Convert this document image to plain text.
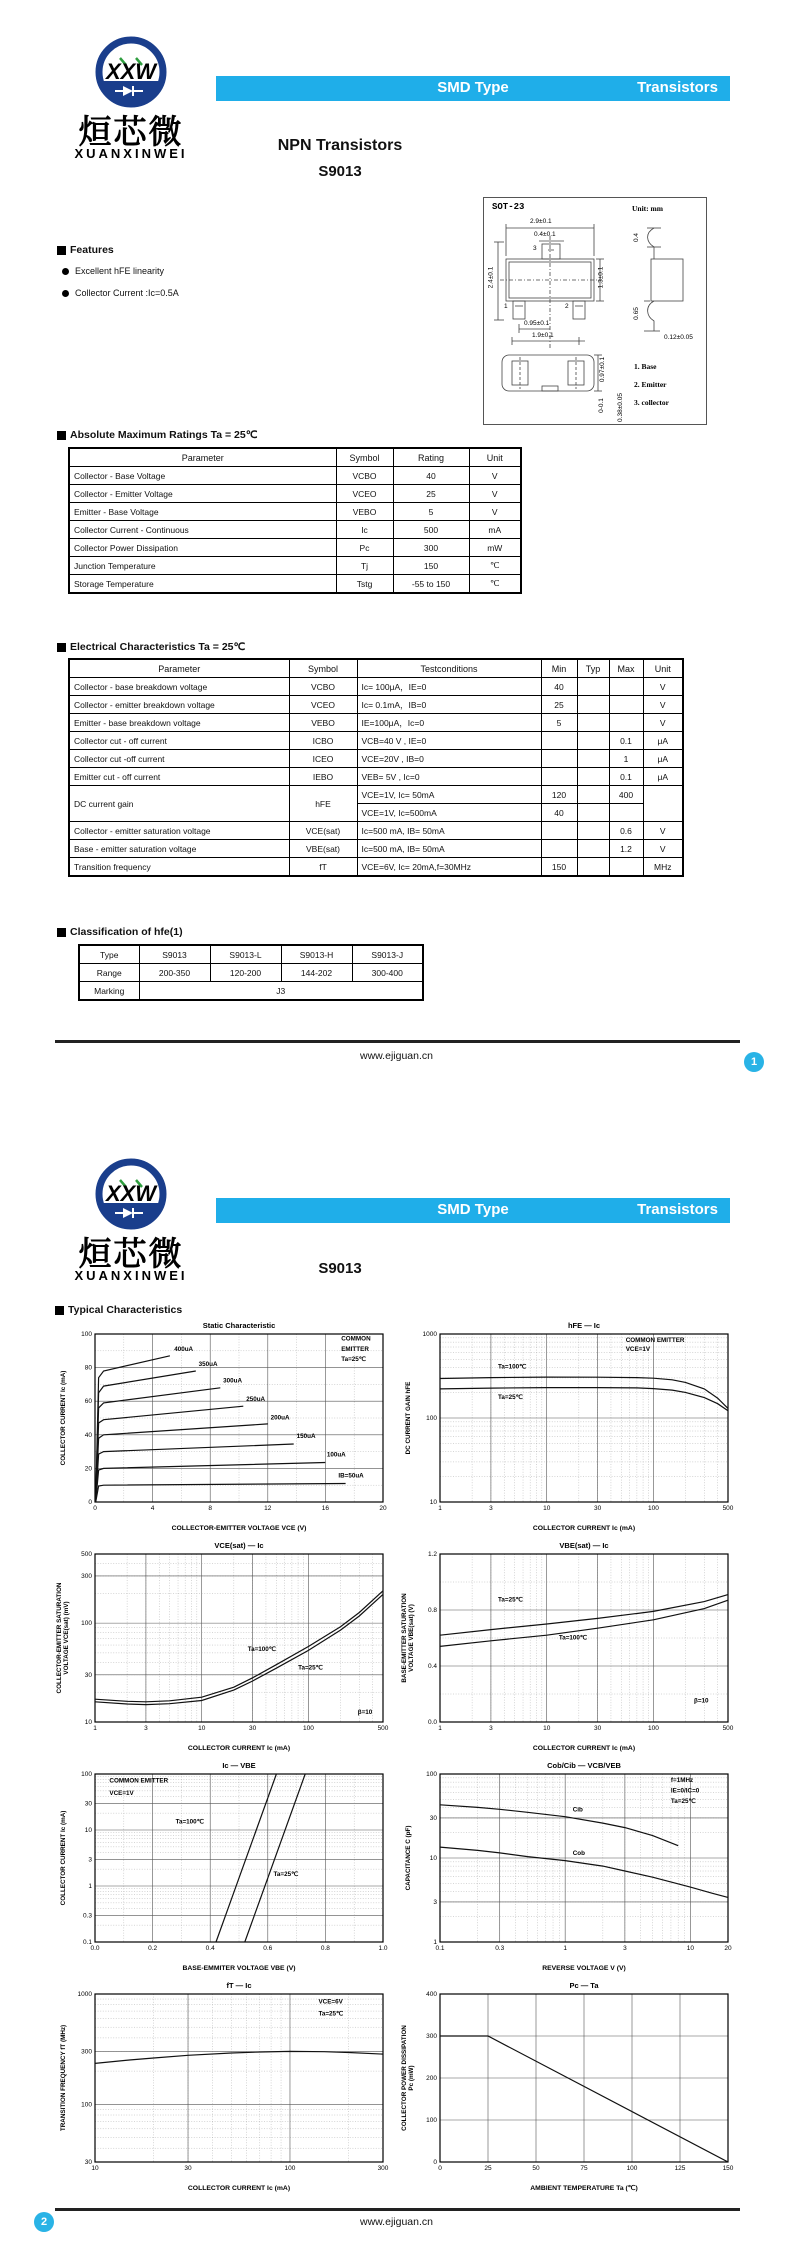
XXW
烜芯微
XUANXINWEI
SMD Type	Transistors
NPN Transistors
S9013
Features
Excellent hFE linearity
Collector Current :Ic=0.5A
SOT-23	Unit: mm
2.9±0.1
0.4±0.1
2.4±0.1	1.3±0.1
0.95±0.1
1.9±0.1
0.4
0.65
0.12±0.05
0.97±0.1
0-0.1 0.38±0.05
1	2
3
1. Base
2. Emitter
3. collector
Absolute Maximum Ratings Ta = 25℃
Parameter	Symbol	Rating	Unit
Collector - Base Voltage	VCBO	40	V
Collector - Emitter Voltage	VCEO	25	V
Emitter - Base Voltage	VEBO	5	V
Collector Current - Continuous	Ic	500	mA
Collector Power Dissipation	Pc	300	mW
Junction Temperature	Tj	150	℃
Storage Temperature	Tstg	-55 to 150	℃
Electrical Characteristics Ta = 25℃
Parameter	Symbol	Testconditions	Min	Typ	Max	Unit
Collector - base breakdown voltage	VCBO	Ic= 100μA，IE=0	40			V
Collector - emitter breakdown voltage	VCEO	Ic= 0.1mA，IB=0	25			V
Emitter - base breakdown voltage	VEBO	IE=100μA，Ic=0	5			V
Collector cut - off current	ICBO	VCB=40 V , IE=0			0.1	μA
Collector cut -off current	ICEO	VCE=20V , IB=0			1	μA
Emitter cut - off current	IEBO	VEB= 5V , Ic=0			0.1	μA
DC current gain	hFE	VCE=1V, Ic= 50mA	120		400	
		VCE=1V, Ic=500mA	40			
Collector - emitter saturation voltage	VCE(sat)	Ic=500 mA, IB= 50mA			0.6	V
Base - emitter saturation voltage	VBE(sat)	Ic=500 mA, IB= 50mA			1.2	V
Transition frequency	fT	VCE=6V, Ic= 20mA,f=30MHz	150			MHz
Classification of hfe(1)
Type	S9013	S9013-L	S9013-H	S9013-J
Range	200-350	120-200	144-202	300-400
Marking	J3			
www.ejiguan.cn	1
XXW
烜芯微
XUANXINWEI
SMD Type	Transistors
S9013
Typical Characteristics
0	4	8	12	16	20
0
20
40
60
80
100
400uA
350uA
300uA
250uA
200uA
150uA
100uA
IB=50uA
COMMON
EMITTER
Ta=25℃
Static Characteristic
COLLECTOR-EMITTER VOLTAGE VCE (V)
COLLECTOR CURRENT Ic (mA)
1	3	10	30	100	500
10
100
1000
Ta=100℃
Ta=25℃
COMMON EMITTER
VCE=1V
hFE — Ic
COLLECTOR CURRENT Ic (mA)
DC CURRENT GAIN hFE
1	3	10	30	100	500
10
30
100
300
500
Ta=100℃
Ta=25℃
β=10
VCE(sat) — Ic
COLLECTOR CURRENT Ic (mA)
COLLECTOR-EMITTER SATURATION VOLTAGE VCE(sat) (mV)
1	3	10	30	100	500
0.0
0.4
0.8
1.2
Ta=25℃
Ta=100℃
β=10
VBE(sat) — Ic
COLLECTOR CURRENT Ic (mA)
BASE-EMITTER SATURATION VOLTAGE VBE(sat) (V)
0.0	0.2	0.4	0.6	0.8	1.0
0.1
0.3
1
3
10
30
100
Ta=100℃
Ta=25℃
COMMON EMITTER
VCE=1V
Ic — VBE
BASE-EMMITER VOLTAGE VBE (V)
COLLECTOR CURRENT Ic (mA)
0.1	0.3	1	3	10	20
1
3
10
30
100
Cib
Cob
f=1MHz
IE=0/IC=0
Ta=25℃
Cob/Cib — VCB/VEB
REVERSE VOLTAGE V (V)
CAPACITANCE C (pF)
10	30	100	300
30
100
300
1000
VCE=6V
Ta=25℃
fT — Ic
COLLECTOR CURRENT Ic (mA)
TRANSITION FREQUENCY fT (MHz)
0	25	50	75	100	125	150
0
100
200
300
400
Pc — Ta
AMBIENT TEMPERATURE Ta (℃)
COLLECTOR POWER DISSIPATION Pc (mW)
www.ejiguan.cn
2
